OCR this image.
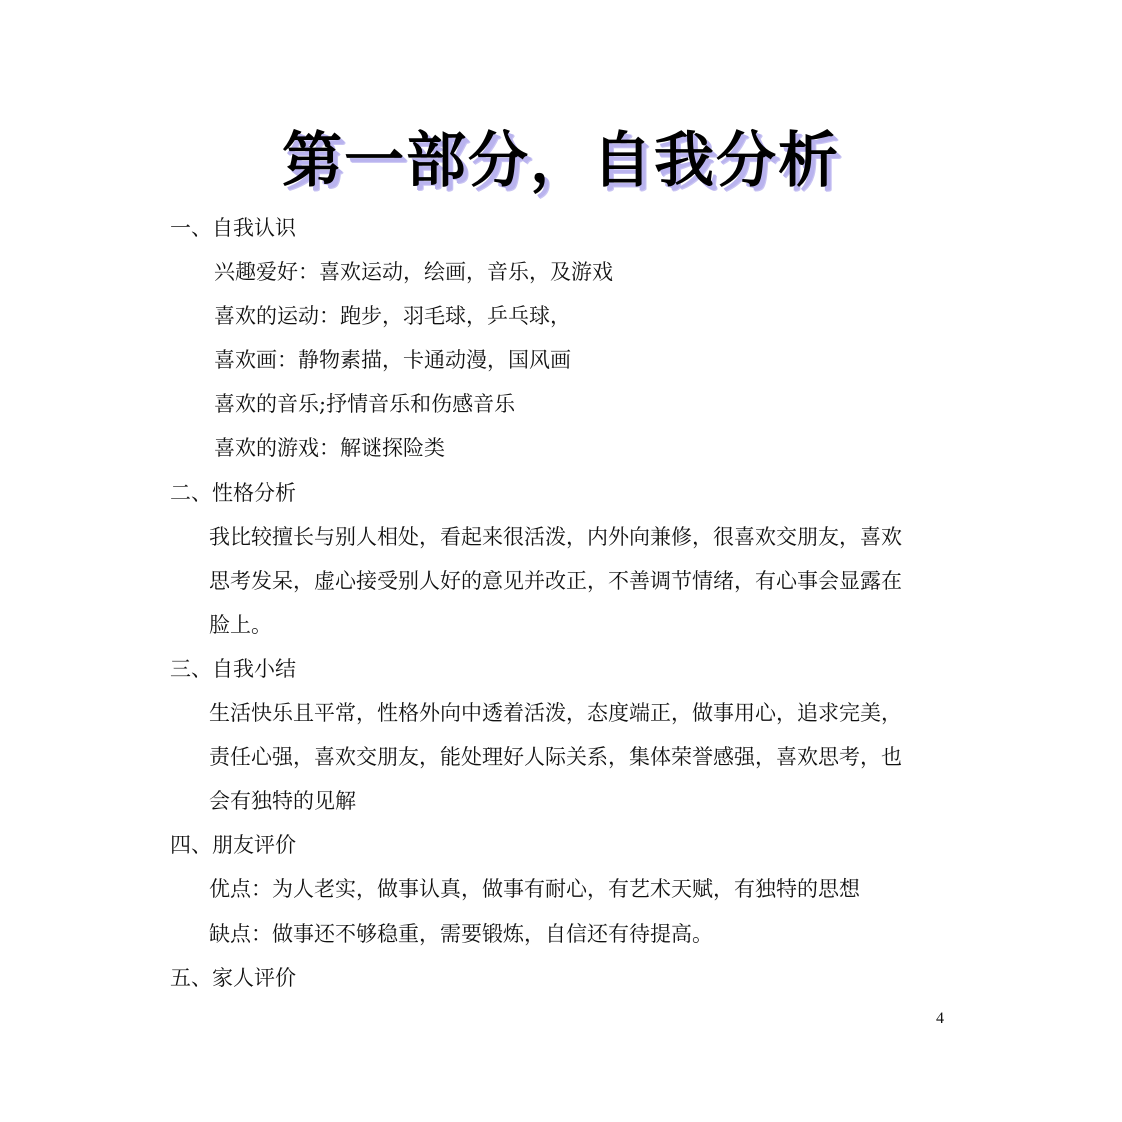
第一部分，自我分析
一、自我认识
兴趣爱好：喜欢运动，绘画，音乐，及游戏
喜欢的运动：跑步，羽毛球，乒乓球，
喜欢画：静物素描，卡通动漫，国风画
喜欢的音乐;抒情音乐和伤感音乐
喜欢的游戏：解谜探险类
二、性格分析
我比较擅长与别人相处，看起来很活泼，内外向兼修，很喜欢交朋友，喜欢
思考发呆，虚心接受别人好的意见并改正，不善调节情绪，有心事会显露在
脸上。
三、自我小结
生活快乐且平常，性格外向中透着活泼，态度端正，做事用心，追求完美，
责任心强，喜欢交朋友，能处理好人际关系，集体荣誉感强，喜欢思考，也
会有独特的见解
四、朋友评价
优点：为人老实，做事认真，做事有耐心，有艺术天赋，有独特的思想
缺点：做事还不够稳重，需要锻炼，自信还有待提高。
五、家人评价
4
